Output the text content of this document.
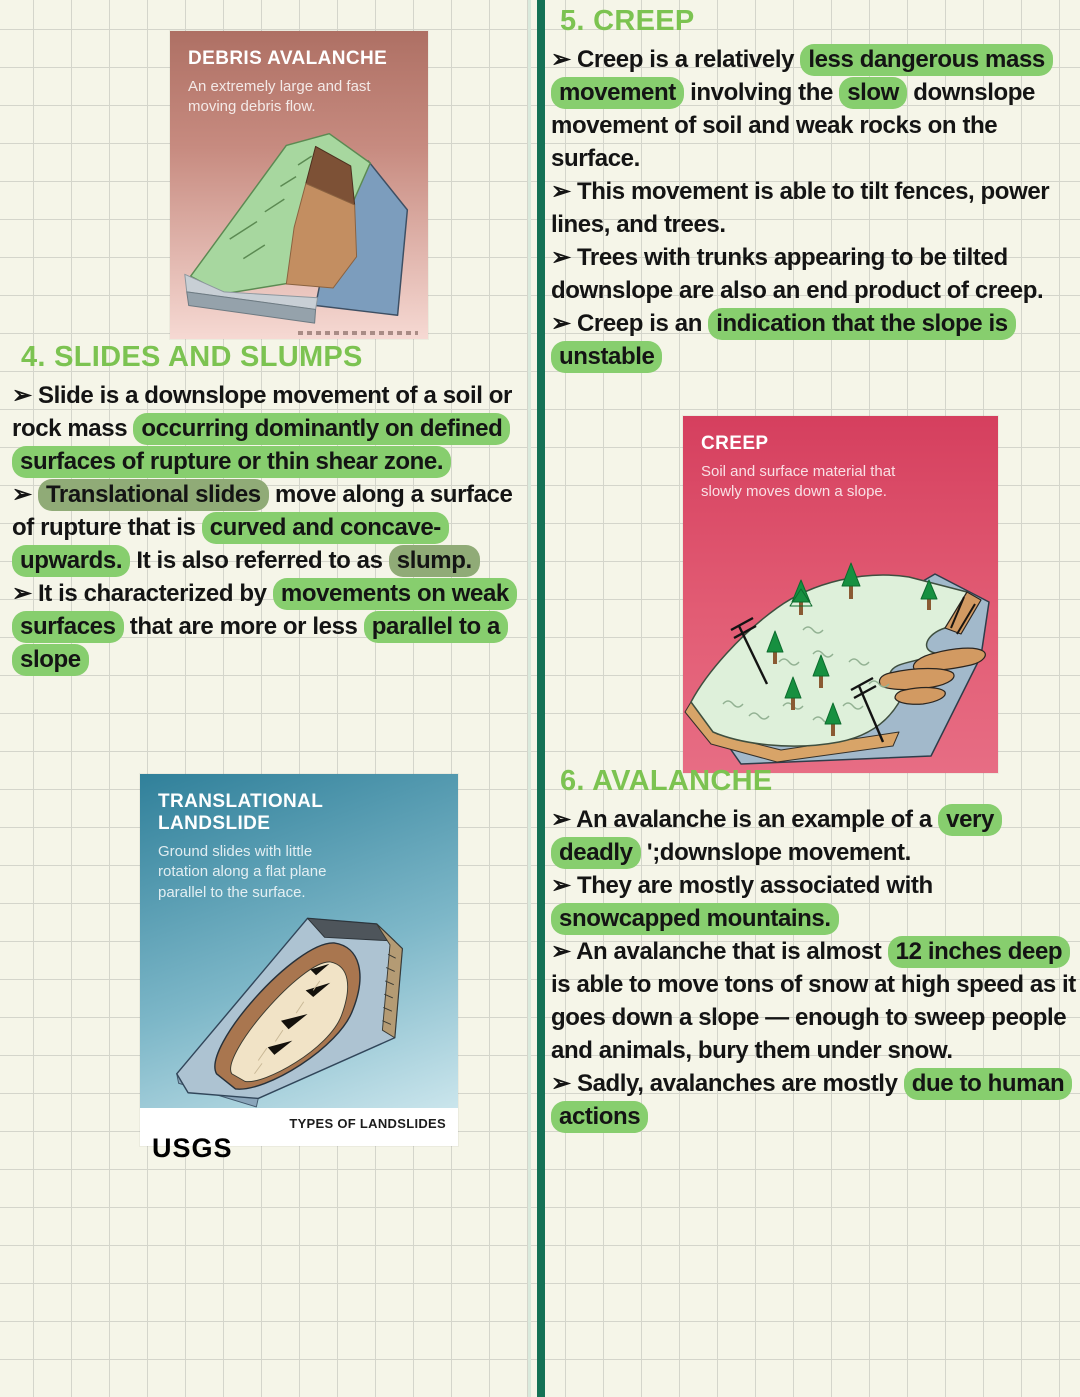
DEBRIS AVALANCHE
An extremely large and fast moving debris flow.
4. SLIDES AND SLUMPS

➢ Slide is a downslope movement of a soil or rock mass occurring dominantly on defined surfaces of rupture or thin shear zone.

➢ Translational slides move along a surface of rupture that is curved and concave-upwards. It is also referred to as slump.

➢ It is characterized by movements on weak surfaces that are more or less parallel to a slope

TRANSLATIONAL LANDSLIDE
Ground slides with little rotation along a flat plane parallel to the surface.
TYPES OF LANDSLIDES
USGS
5. CREEP

➢ Creep is a relatively less dangerous mass movement involving the slow downslope movement of soil and weak rocks on the surface.

➢ This movement is able to tilt fences, power lines, and trees.

➢ Trees with trunks appearing to be tilted downslope are also an end product of creep.

➢ Creep is an indication that the slope is unstable

CREEP
Soil and surface material that slowly moves down a slope.
6. AVALANCHE

➢ An avalanche is an example of a very deadly ';downslope movement.

➢ They are mostly associated with snowcapped mountains.

➢ An avalanche that is almost 12 inches deep is able to move tons of snow at high speed as it goes down a slope — enough to sweep people and animals, bury them under snow.

➢ Sadly, avalanches are mostly due to human actions
